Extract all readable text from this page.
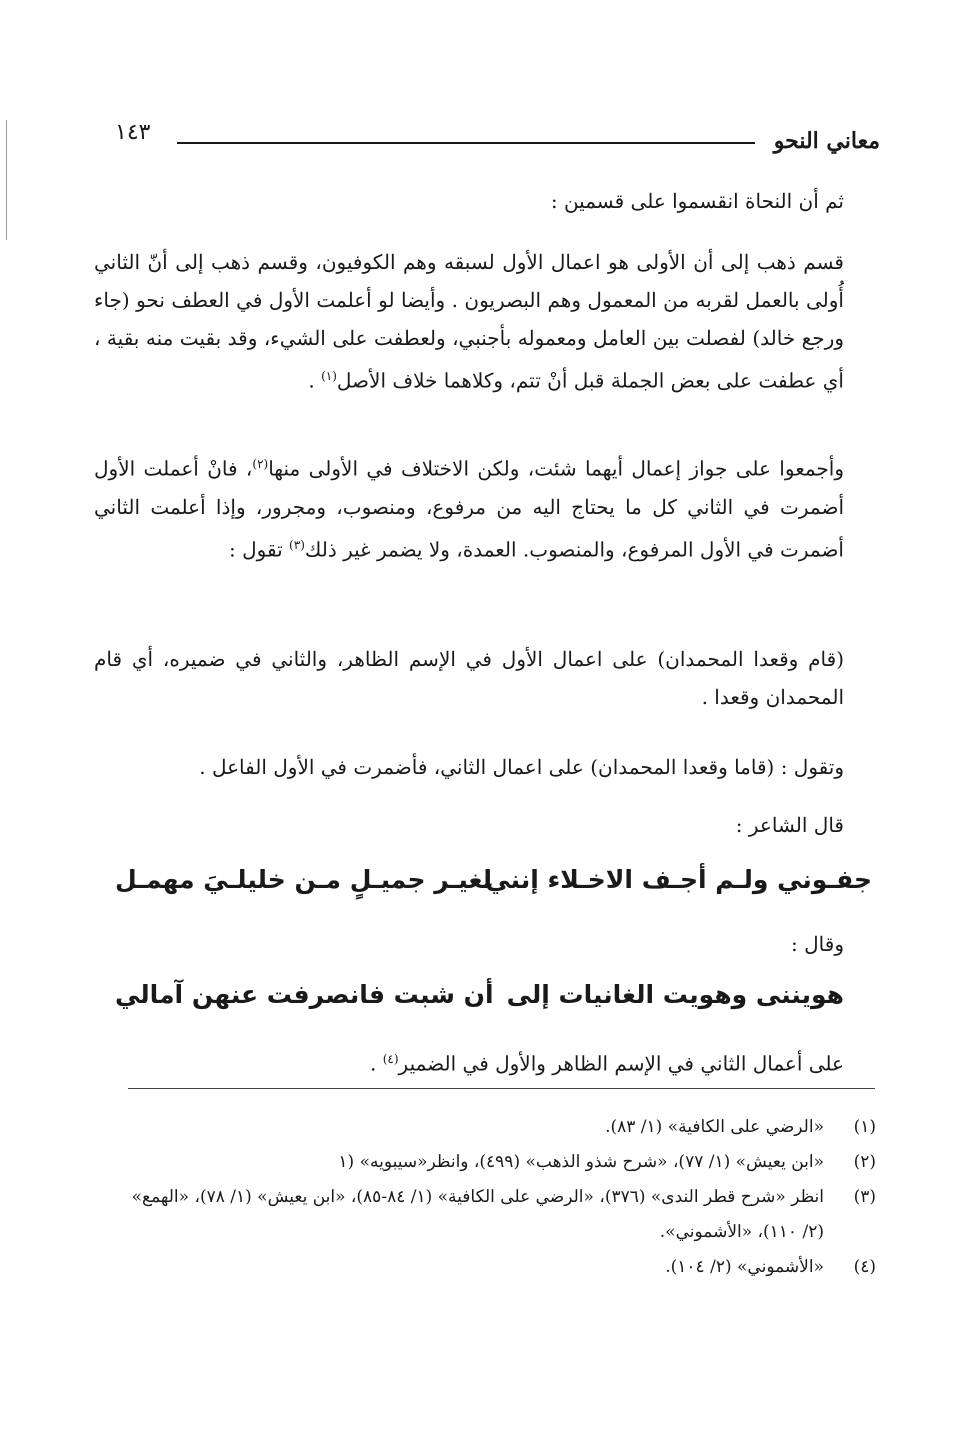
معاني النحو
١٤٣
ثم أن النحاة انقسموا على قسمين :
قسم ذهب إلى أن الأولى هو اعمال الأول لسبقه وهم الكوفيون، وقسم ذهب إلى أنّ الثاني أُولى بالعمل لقربه من المعمول وهم البصريون . وأيضا لو أعلمت الأول في العطف نحو (جاء ورجع خالد) لفصلت بين العامل ومعموله بأجنبي، ولعطفت على الشيء، وقد بقيت منه بقية ، أي عطفت على بعض الجملة قبل أنْ تتم، وكلاهما خلاف الأصل$^{(١)}$ .
وأجمعوا على جواز إعمال أيهما شئت، ولكن الاختلاف في الأولى منها$^{(٢)}$، فانْ أعملت الأول أضمرت في الثاني كل ما يحتاج اليه من مرفوع، ومنصوب، ومجرور، وإذا أعلمت الثاني أضمرت في الأول المرفوع، والمنصوب. العمدة، ولا يضمر غير ذلك$^{(٣)}$ تقول :
(قام وقعدا المحمدان) على اعمال الأول في الإسم الظاهر، والثاني في ضميره، أي قام المحمدان وقعدا .
وتقول : (قاما وقعدا المحمدان) على اعمال الثاني، فأضمرت في الأول الفاعل .
قال الشاعر :
جفـوني ولـم أجـف الاخـلاء إنني
لغيـر جميـلٍ مـن خليلـيَ مهمـل
وقال :
هويننى وهويت الغانيات إلى
أن شبت فانصرفت عنهن آمالي
على أعمال الثاني في الإسم الظاهر والأول في الضمير$^{(٤)}$ .
(١)
«الرضي على الكافية» (١/ ٨٣).
(٢)
«ابن يعيش» (١/ ٧٧)، «شرح شذو الذهب» (٤٩٩)، وانظر«سيبويه» (١
(٣)
انظر «شرح قطر الندى» (٣٧٦)، «الرضي على الكافية» (١/ ٨٤-٨٥)، «ابن يعيش» (١/ ٧٨)، «الهمع» (٢/ ١١٠)، «الأشموني».
(٤)
«الأشموني» (٢/ ١٠٤).
